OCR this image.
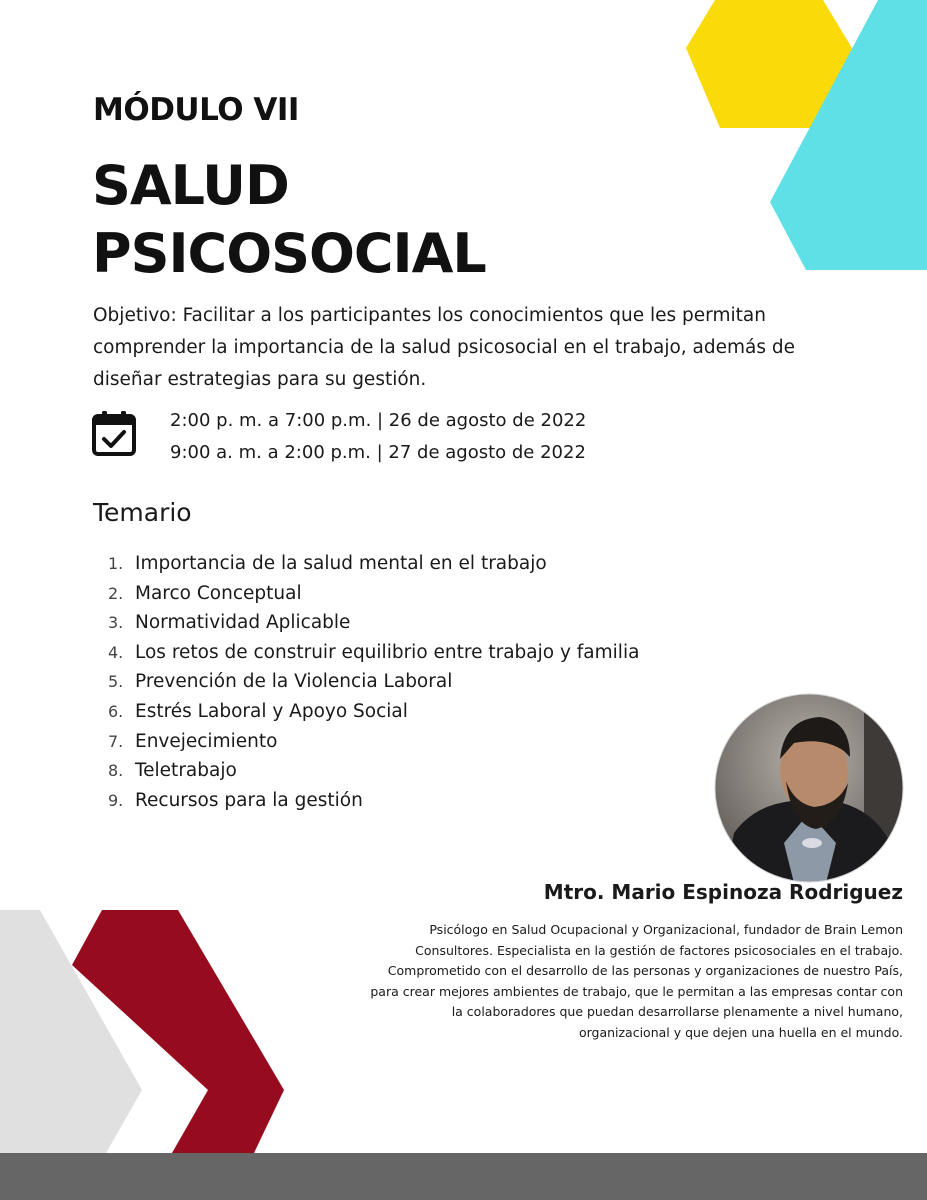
MÓDULO VII
SALUD
PSICOSOCIAL

Objetivo: Facilitar a los participantes los conocimientos que les permitan comprender la importancia de la salud psicosocial en el trabajo, además de diseñar estrategias para su gestión.

2:00 p. m. a 7:00 p.m. | 26 de agosto de 2022
9:00 a. m. a 2:00 p.m. | 27 de agosto de 2022

Temario
1. Importancia de la salud mental en el trabajo
2. Marco Conceptual
3. Normatividad Aplicable
4. Los retos de construir equilibrio entre trabajo y familia
5. Prevención de la Violencia Laboral
6. Estrés Laboral y Apoyo Social
7. Envejecimiento
8. Teletrabajo
9. Recursos para la gestión

Mtro. Mario Espinoza Rodriguez

Psicólogo en Salud Ocupacional y Organizacional, fundador de Brain Lemon
Consultores. Especialista en la gestión de factores psicosociales en el trabajo.
Comprometido con el desarrollo de las personas y organizaciones de nuestro País,
para crear mejores ambientes de trabajo, que le permitan a las empresas contar con
la colaboradores que puedan desarrollarse plenamente a nivel humano,
organizacional y que dejen una huella en el mundo.
